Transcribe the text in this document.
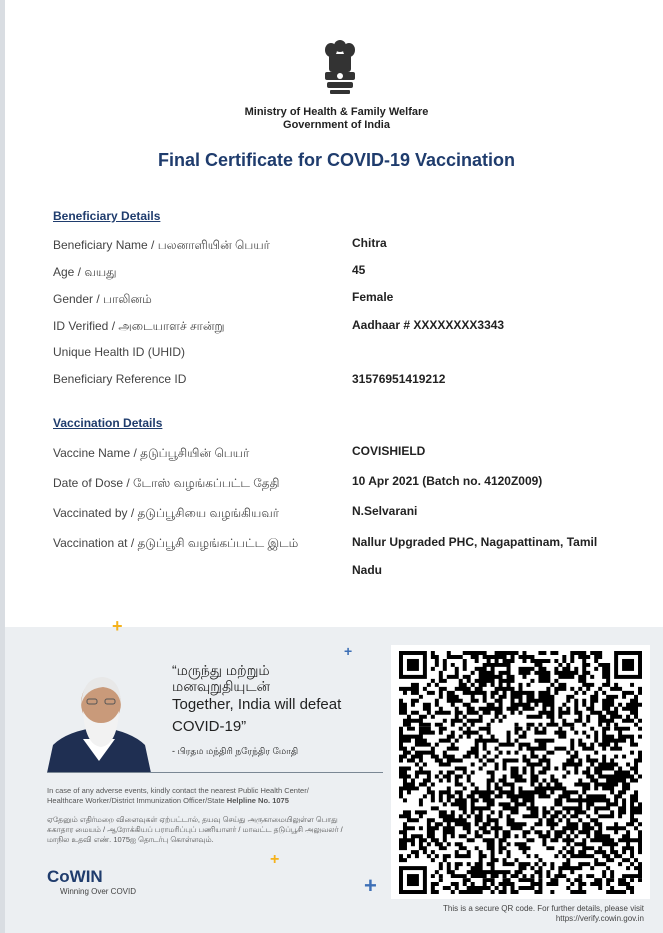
Ministry of Health & Family Welfare
Government of India
Final Certificate for COVID-19 Vaccination
Beneficiary Details
Beneficiary Name / பலனாளியின் பெயர்	Chitra
Age / வயது	45
Gender / பாலினம்	Female
ID Verified / அடையாளச் சான்று	Aadhaar # XXXXXXXX3343
Unique Health ID (UHID)
Beneficiary Reference ID	31576951419212
Vaccination Details
Vaccine Name / தடுப்பூசியின் பெயர்	COVISHIELD
Date of Dose / டோஸ் வழங்கப்பட்ட தேதி	10 Apr 2021 (Batch no. 4120Z009)
Vaccinated by / தடுப்பூசியை வழங்கியவர்	N.Selvarani
Vaccination at / தடுப்பூசி வழங்கப்பட்ட இடம்	Nallur Upgraded PHC, Nagapattinam, Tamil
Nadu
+
+
+
+
“மருந்து மற்றும்
மனவுறுதியுடன்
Together, India will defeat
COVID-19”
- பிரதம மந்திரி நரேந்திர மோதி
In case of any adverse events, kindly contact the nearest Public Health Center/
Healthcare Worker/District Immunization Officer/State Helpline No. 1075
ஏதேனும் எதிர்மறை விளைவுகள் ஏற்பட்டால், தயவு செய்து அருகாமையிலுள்ள பொது
சுகாதார மையம் / ஆரோக்கியப் பராமரிப்புப் பணியாளர் / மாவட்ட தடுப்பூசி அலுவலர் /
மாநில உதவி எண். 1075ஐ தொடர்பு கொள்ளவும்.
CoWIN
Winning Over COVID
This is a secure QR code. For further details, please visit
https://verify.cowin.gov.in
